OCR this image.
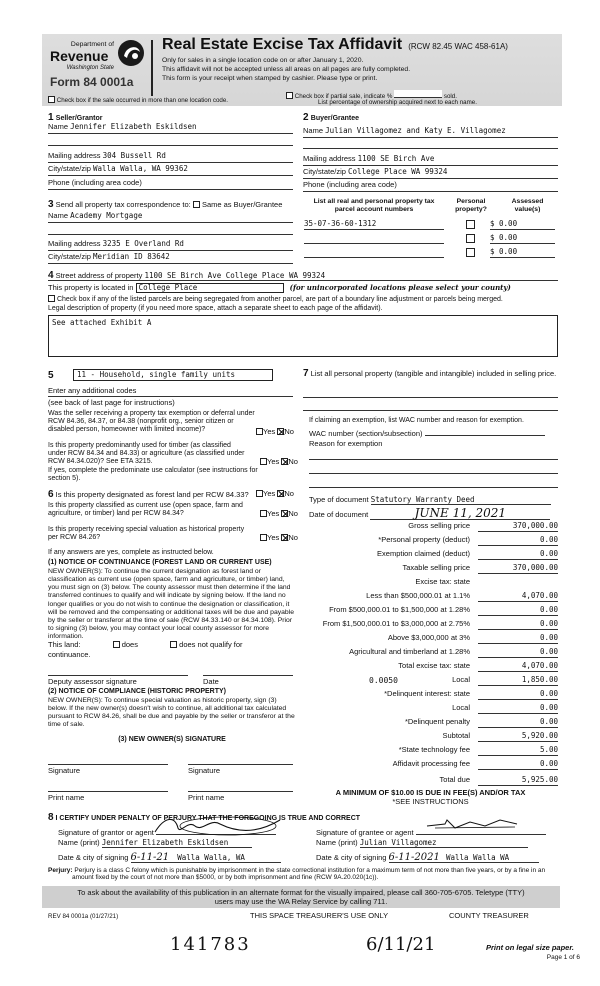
Department of
Revenue
Washington State
Form 84 0001a
Real Estate Excise Tax Affidavit (RCW 82.45 WAC 458-61A)
Only for sales in a single location code on or after January 1, 2020.
This affidavit will not be accepted unless all areas on all pages are fully completed.
This form is your receipt when stamped by cashier. Please type or print.
Check box if the sale occurred in more than one location code.
Check box if partial sale, indicate %	sold.
List percentage of ownership acquired next to each name.
1 Seller/Grantor
Name Jennifer Elizabeth Eskildsen
Mailing address 304 Bussell Rd
City/state/zip Walla Walla, WA 99362
Phone (including area code)
2 Buyer/Grantee
Name Julian Villagomez and Katy E. Villagomez
Mailing address 1100 SE Birch Ave
City/state/zip College Place WA 99324
Phone (including area code)
3 Send all property tax correspondence to: Same as Buyer/Grantee
Name Academy Mortgage
Mailing address 3235 E Overland Rd
City/state/zip Meridian ID 83642
List all real and personal property tax parcel account numbers
Personal property?
Assessed value(s)
35-07-36-60-1312	$ 0.00
$ 0.00
$ 0.00
4 Street address of property 1100 SE Birch Ave College Place WA 99324
This property is located in College Place	(for unincorporated locations please select your county)
Check box if any of the listed parcels are being segregated from another parcel, are part of a boundary line adjustment or parcels being merged.
Legal description of property (if you need more space, attach a separate sheet to each page of the affidavit).
See attached Exhibit A
5	11 - Household, single family units
Enter any additional codes
(see back of last page for instructions)
Was the seller receiving a property tax exemption or deferral under RCW 84.36, 84.37, or 84.38 (nonprofit org., senior citizen or disabled person, homeowner with limited income)?	Yes No
Is this property predominantly used for timber (as classified under RCW 84.34 and 84.33) or agriculture (as classified under RCW 84.34.020)? See ETA 3215.	Yes No
If yes, complete the predominate use calculator (see instructions for section 5).
6 Is this property designated as forest land per RCW 84.33?	Yes No
Is this property classified as current use (open space, farm and agriculture, or timber) land per RCW 84.34?	Yes No
Is this property receiving special valuation as historical property per RCW 84.26?	Yes No
If any answers are yes, complete as instructed below.
(1) NOTICE OF CONTINUANCE (FOREST LAND OR CURRENT USE)
NEW OWNER(S): To continue the current designation as forest land or classification as current use (open space, farm and agriculture, or timber) land, you must sign on (3) below. The county assessor must then determine if the land transferred continues to qualify and will indicate by signing below. If the land no longer qualifies or you do not wish to continue the designation or classification, it will be removed and the compensating or additional taxes will be due and payable by the seller or transferor at the time of sale (RCW 84.33.140 or 84.34.108). Prior to signing (3) below, you may contact your local county assessor for more information.
This land:	does	does not qualify for
continuance.
Deputy assessor signature	Date
(2) NOTICE OF COMPLIANCE (HISTORIC PROPERTY)
NEW OWNER(S): To continue special valuation as historic property, sign (3) below. If the new owner(s) doesn't wish to continue, all additional tax calculated pursuant to RCW 84.26, shall be due and payable by the seller or transferor at the time of sale.
(3) NEW OWNER(S) SIGNATURE
Signature	Signature
Print name	Print name
7 List all personal property (tangible and intangible) included in selling price.
If claiming an exemption, list WAC number and reason for exemption.
WAC number (section/subsection)
Reason for exemption
Type of document Statutory Warranty Deed
Date of document	JUNE 11, 2021
Gross selling price	370,000.00
*Personal property (deduct)	0.00
Exemption claimed (deduct)	0.00
Taxable selling price	370,000.00
Excise tax: state
Less than $500,000.01 at 1.1%	4,070.00
From $500,000.01 to $1,500,000 at 1.28%	0.00
From $1,500,000.01 to $3,000,000 at 2.75%	0.00
Above $3,000,000 at 3%	0.00
Agricultural and timberland at 1.28%	0.00
Total excise tax: state	4,070.00
0.0050	Local	1,850.00
*Delinquent interest: state	0.00
Local	0.00
*Delinquent penalty	0.00
Subtotal	5,920.00
*State technology fee	5.00
Affidavit processing fee	0.00
Total due	5,925.00
A MINIMUM OF $10.00 IS DUE IN FEE(S) AND/OR TAX
*SEE INSTRUCTIONS
8 I CERTIFY UNDER PENALTY OF PERJURY THAT THE FOREGOING IS TRUE AND CORRECT
Signature of grantor or agent
Name (print) Jennifer Elizabeth Eskildsen
Date & city of signing 6-11-21 Walla Walla, WA
Signature of grantee or agent
Name (print) Julian Villagomez
Date & city of signing 6-11-2021 Walla Walla WA
Perjury: Perjury is a class C felony which is punishable by imprisonment in the state correctional institution for a maximum term of not more than five years, or by a fine in an amount fixed by the court of not more than $5000, or by both imprisonment and fine (RCW 9A.20.020(1c)).
To ask about the availability of this publication in an alternate format for the visually impaired, please call 360-705-6705. Teletype (TTY) users may use the WA Relay Service by calling 711.
REV 84 0001a (01/27/21)	THIS SPACE TREASURER'S USE ONLY	COUNTY TREASURER
141783	6/11/21	Print on legal size paper.
Page 1 of 6
